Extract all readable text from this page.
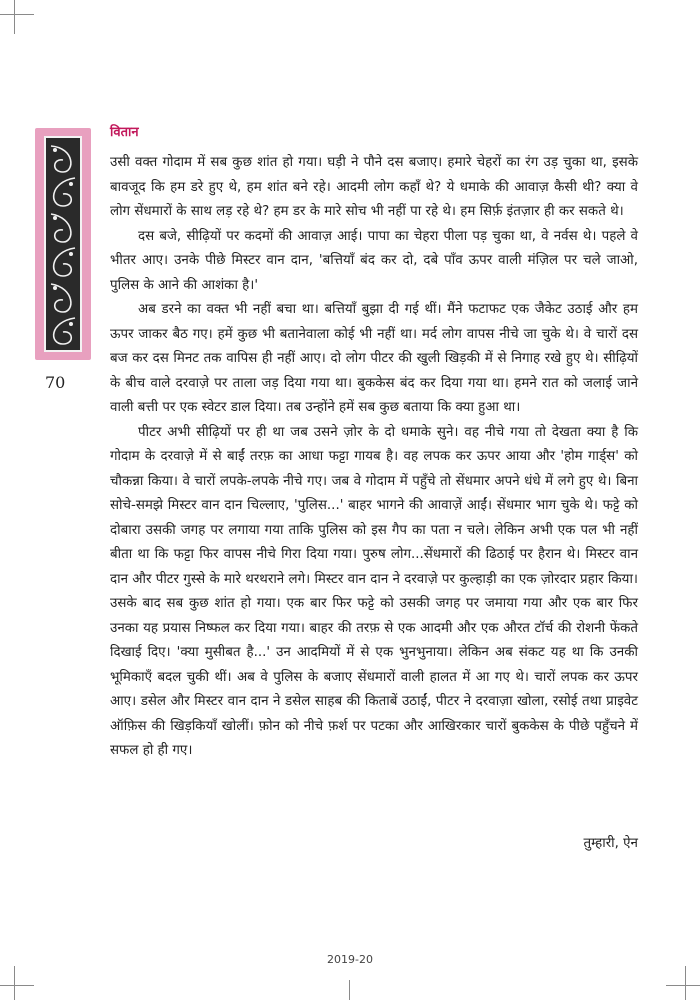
वितान
70

उसी वक्त गोदाम में सब कुछ शांत हो गया। घड़ी ने पौने दस बजाए। हमारे चेहरों का रंग उड़ चुका था, इसके बावजूद कि हम डरे हुए थे, हम शांत बने रहे। आदमी लोग कहाँ थे? ये धमाके की आवाज़ कैसी थी? क्या वे लोग सेंधमारों के साथ लड़ रहे थे? हम डर के मारे सोच भी नहीं पा रहे थे। हम सिर्फ़ इंतज़ार ही कर सकते थे।

दस बजे, सीढ़ियों पर कदमों की आवाज़ आई। पापा का चेहरा पीला पड़ चुका था, वे नर्वस थे। पहले वे भीतर आए। उनके पीछे मिस्टर वान दान, 'बत्तियाँ बंद कर दो, दबे पाँव ऊपर वाली मंज़िल पर चले जाओ, पुलिस के आने की आशंका है।'

अब डरने का वक्त भी नहीं बचा था। बत्तियाँ बुझा दी गई थीं। मैंने फटाफट एक जैकेट उठाई और हम ऊपर जाकर बैठ गए। हमें कुछ भी बतानेवाला कोई भी नहीं था। मर्द लोग वापस नीचे जा चुके थे। वे चारों दस बज कर दस मिनट तक वापिस ही नहीं आए। दो लोग पीटर की खुली खिड़की में से निगाह रखे हुए थे। सीढ़ियों के बीच वाले दरवाज़े पर ताला जड़ दिया गया था। बुककेस बंद कर दिया गया था। हमने रात को जलाई जाने वाली बत्ती पर एक स्वेटर डाल दिया। तब उन्होंने हमें सब कुछ बताया कि क्या हुआ था।

पीटर अभी सीढ़ियों पर ही था जब उसने ज़ोर के दो धमाके सुने। वह नीचे गया तो देखता क्या है कि गोदाम के दरवाज़े में से बाईं तरफ़ का आधा फट्टा गायब है। वह लपक कर ऊपर आया और 'होम गार्ड्स' को चौकन्ना किया। वे चारों लपके-लपके नीचे गए। जब वे गोदाम में पहुँचे तो सेंधमार अपने धंधे में लगे हुए थे। बिना सोचे-समझे मिस्टर वान दान चिल्लाए, 'पुलिस...' बाहर भागने की आवाज़ें आईं। सेंधमार भाग चुके थे। फट्टे को दोबारा उसकी जगह पर लगाया गया ताकि पुलिस को इस गैप का पता न चले। लेकिन अभी एक पल भी नहीं बीता था कि फट्टा फिर वापस नीचे गिरा दिया गया। पुरुष लोग...सेंधमारों की ढिठाई पर हैरान थे। मिस्टर वान दान और पीटर गुस्से के मारे थरथराने लगे। मिस्टर वान दान ने दरवाज़े पर कुल्हाड़ी का एक ज़ोरदार प्रहार किया। उसके बाद सब कुछ शांत हो गया। एक बार फिर फट्टे को उसकी जगह पर जमाया गया और एक बार फिर उनका यह प्रयास निष्फल कर दिया गया। बाहर की तरफ़ से एक आदमी और एक औरत टॉर्च की रोशनी फेंकते दिखाई दिए। 'क्या मुसीबत है...' उन आदमियों में से एक भुनभुनाया। लेकिन अब संकट यह था कि उनकी भूमिकाएँ बदल चुकी थीं। अब वे पुलिस के बजाए सेंधमारों वाली हालत में आ गए थे। चारों लपक कर ऊपर आए। डसेल और मिस्टर वान दान ने डसेल साहब की किताबें उठाईं, पीटर ने दरवाज़ा खोला, रसोई तथा प्राइवेट ऑफ़िस की खिड़कियाँ खोलीं। फ़ोन को नीचे फ़र्श पर पटका और आखिरकार चारों बुककेस के पीछे पहुँचने में सफल हो ही गए।

तुम्हारी, ऐन
2019-20
